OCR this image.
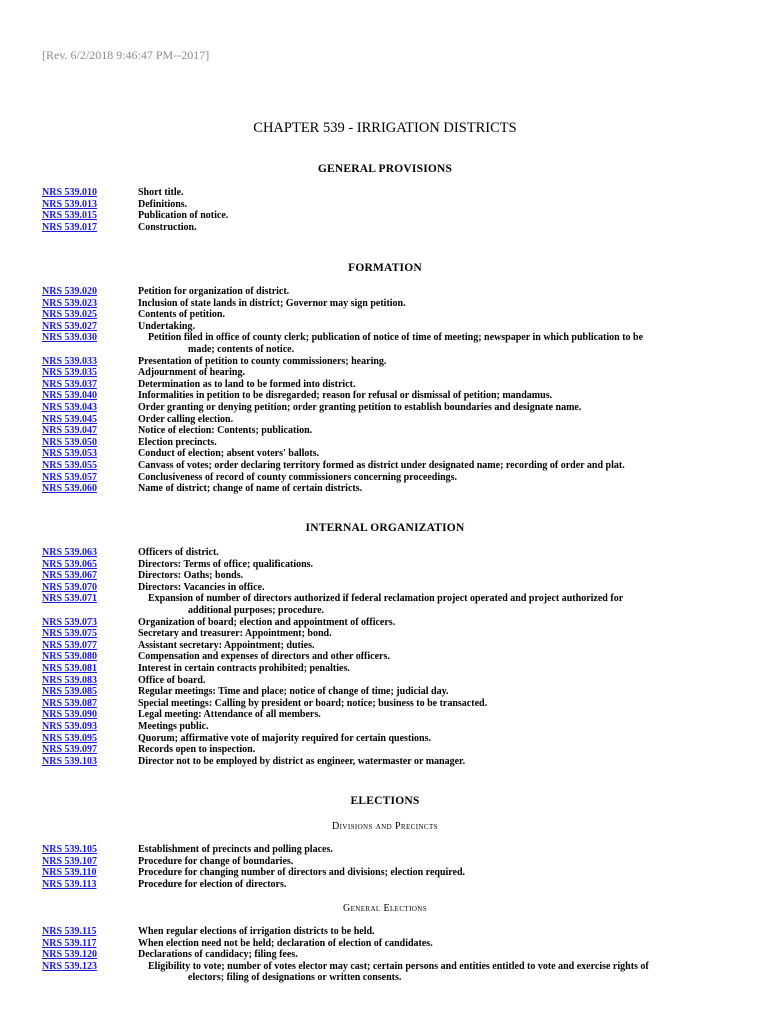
[Rev. 6/2/2018 9:46:47 PM--2017]
CHAPTER 539 - IRRIGATION DISTRICTS
GENERAL PROVISIONS
NRS 539.010	Short title.
NRS 539.013	Definitions.
NRS 539.015	Publication of notice.
NRS 539.017	Construction.
FORMATION
NRS 539.020	Petition for organization of district.
NRS 539.023	Inclusion of state lands in district; Governor may sign petition.
NRS 539.025	Contents of petition.
NRS 539.027	Undertaking.
NRS 539.030	Petition filed in office of county clerk; publication of notice of time of meeting; newspaper in which publication to be
made; contents of notice.
NRS 539.033	Presentation of petition to county commissioners; hearing.
NRS 539.035	Adjournment of hearing.
NRS 539.037	Determination as to land to be formed into district.
NRS 539.040	Informalities in petition to be disregarded; reason for refusal or dismissal of petition; mandamus.
NRS 539.043	Order granting or denying petition; order granting petition to establish boundaries and designate name.
NRS 539.045	Order calling election.
NRS 539.047	Notice of election: Contents; publication.
NRS 539.050	Election precincts.
NRS 539.053	Conduct of election; absent voters' ballots.
NRS 539.055	Canvass of votes; order declaring territory formed as district under designated name; recording of order and plat.
NRS 539.057	Conclusiveness of record of county commissioners concerning proceedings.
NRS 539.060	Name of district; change of name of certain districts.
INTERNAL ORGANIZATION
NRS 539.063	Officers of district.
NRS 539.065	Directors: Terms of office; qualifications.
NRS 539.067	Directors: Oaths; bonds.
NRS 539.070	Directors: Vacancies in office.
NRS 539.071	Expansion of number of directors authorized if federal reclamation project operated and project authorized for
additional purposes; procedure.
NRS 539.073	Organization of board; election and appointment of officers.
NRS 539.075	Secretary and treasurer: Appointment; bond.
NRS 539.077	Assistant secretary: Appointment; duties.
NRS 539.080	Compensation and expenses of directors and other officers.
NRS 539.081	Interest in certain contracts prohibited; penalties.
NRS 539.083	Office of board.
NRS 539.085	Regular meetings: Time and place; notice of change of time; judicial day.
NRS 539.087	Special meetings: Calling by president or board; notice; business to be transacted.
NRS 539.090	Legal meeting: Attendance of all members.
NRS 539.093	Meetings public.
NRS 539.095	Quorum; affirmative vote of majority required for certain questions.
NRS 539.097	Records open to inspection.
NRS 539.103	Director not to be employed by district as engineer, watermaster or manager.
ELECTIONS
Divisions and Precincts
NRS 539.105	Establishment of precincts and polling places.
NRS 539.107	Procedure for change of boundaries.
NRS 539.110	Procedure for changing number of directors and divisions; election required.
NRS 539.113	Procedure for election of directors.
General Elections
NRS 539.115	When regular elections of irrigation districts to be held.
NRS 539.117	When election need not be held; declaration of election of candidates.
NRS 539.120	Declarations of candidacy; filing fees.
NRS 539.123	Eligibility to vote; number of votes elector may cast; certain persons and entities entitled to vote and exercise rights of
electors; filing of designations or written consents.
